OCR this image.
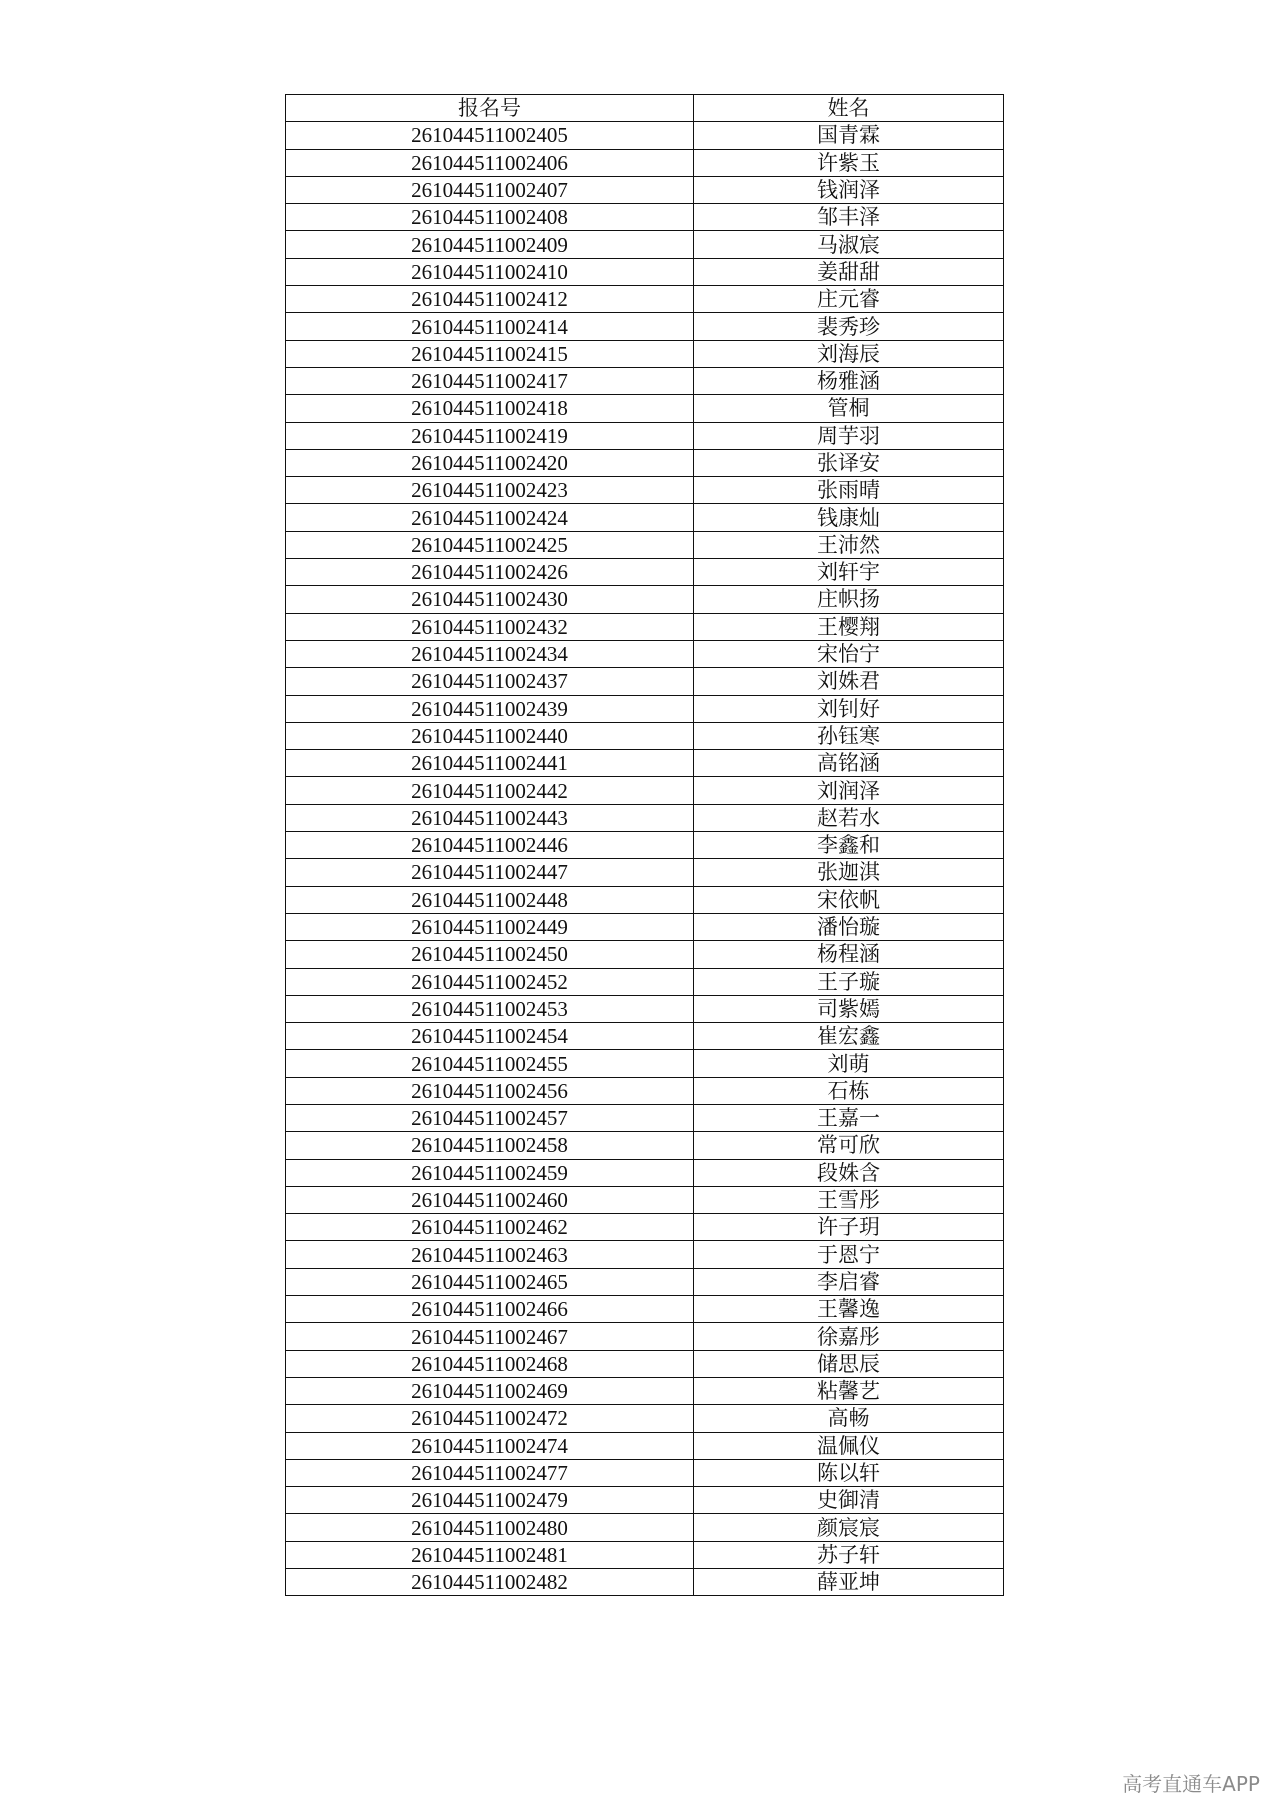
报名号	姓名
261044511002405	国青霖
261044511002406	许紫玉
261044511002407	钱润泽
261044511002408	邹丰泽
261044511002409	马淑宸
261044511002410	姜甜甜
261044511002412	庄元睿
261044511002414	裴秀珍
261044511002415	刘海辰
261044511002417	杨雅涵
261044511002418	管桐
261044511002419	周芋羽
261044511002420	张译安
261044511002423	张雨晴
261044511002424	钱康灿
261044511002425	王沛然
261044511002426	刘轩宇
261044511002430	庄帜扬
261044511002432	王樱翔
261044511002434	宋怡宁
261044511002437	刘姝君
261044511002439	刘钊好
261044511002440	孙钰寒
261044511002441	高铭涵
261044511002442	刘润泽
261044511002443	赵若水
261044511002446	李鑫和
261044511002447	张迦淇
261044511002448	宋依帆
261044511002449	潘怡璇
261044511002450	杨程涵
261044511002452	王子璇
261044511002453	司紫嫣
261044511002454	崔宏鑫
261044511002455	刘萌
261044511002456	石栋
261044511002457	王嘉一
261044511002458	常可欣
261044511002459	段姝含
261044511002460	王雪彤
261044511002462	许子玥
261044511002463	于恩宁
261044511002465	李启睿
261044511002466	王馨逸
261044511002467	徐嘉彤
261044511002468	储思辰
261044511002469	粘馨艺
261044511002472	高畅
261044511002474	温佩仪
261044511002477	陈以轩
261044511002479	史御清
261044511002480	颜宸宸
261044511002481	苏子轩
261044511002482	薛亚坤
高考直通车APP
